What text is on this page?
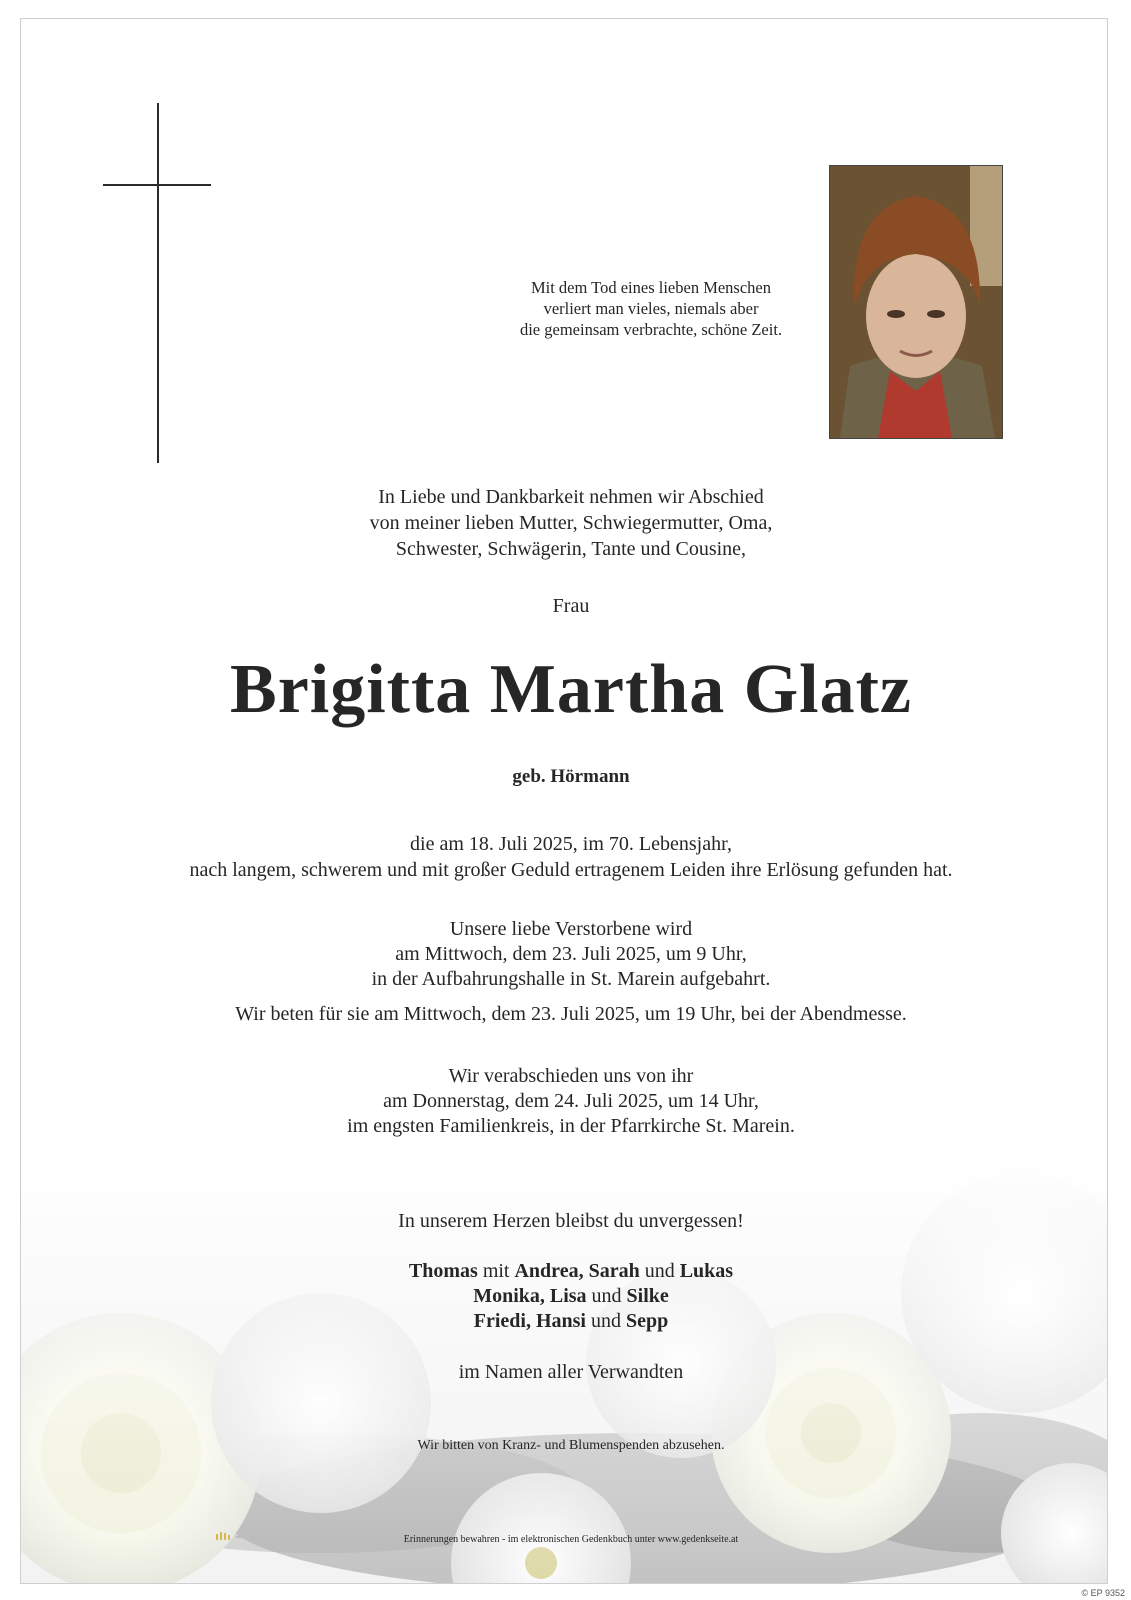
Mit dem Tod eines lieben Menschen
verliert man vieles, niemals aber
die gemeinsam verbrachte, schöne Zeit.
In Liebe und Dankbarkeit nehmen wir Abschied
von meiner lieben Mutter, Schwiegermutter, Oma,
Schwester, Schwägerin, Tante und Cousine,
Frau
Brigitta Martha Glatz
geb. Hörmann
die am 18. Juli 2025, im 70. Lebensjahr,
nach langem, schwerem und mit großer Geduld ertragenem Leiden ihre Erlösung gefunden hat.
Unsere liebe Verstorbene wird
am Mittwoch, dem 23. Juli 2025, um 9 Uhr,
in der Aufbahrungshalle in St. Marein aufgebahrt.
Wir beten für sie am Mittwoch, dem 23. Juli 2025, um 19 Uhr, bei der Abendmesse.
Wir verabschieden uns von ihr
am Donnerstag, dem 24. Juli 2025, um 14 Uhr,
im engsten Familienkreis, in der Pfarrkirche St. Marein.
In unserem Herzen bleibst du unvergessen!
Thomas mit Andrea, Sarah und Lukas
Monika, Lisa und Silke
Friedi, Hansi und Sepp
im Namen aller Verwandten
Wir bitten von Kranz- und Blumenspenden abzusehen.
Erinnerungen bewahren - im elektronischen Gedenkbuch unter www.gedenkseite.at
© EP 9352
